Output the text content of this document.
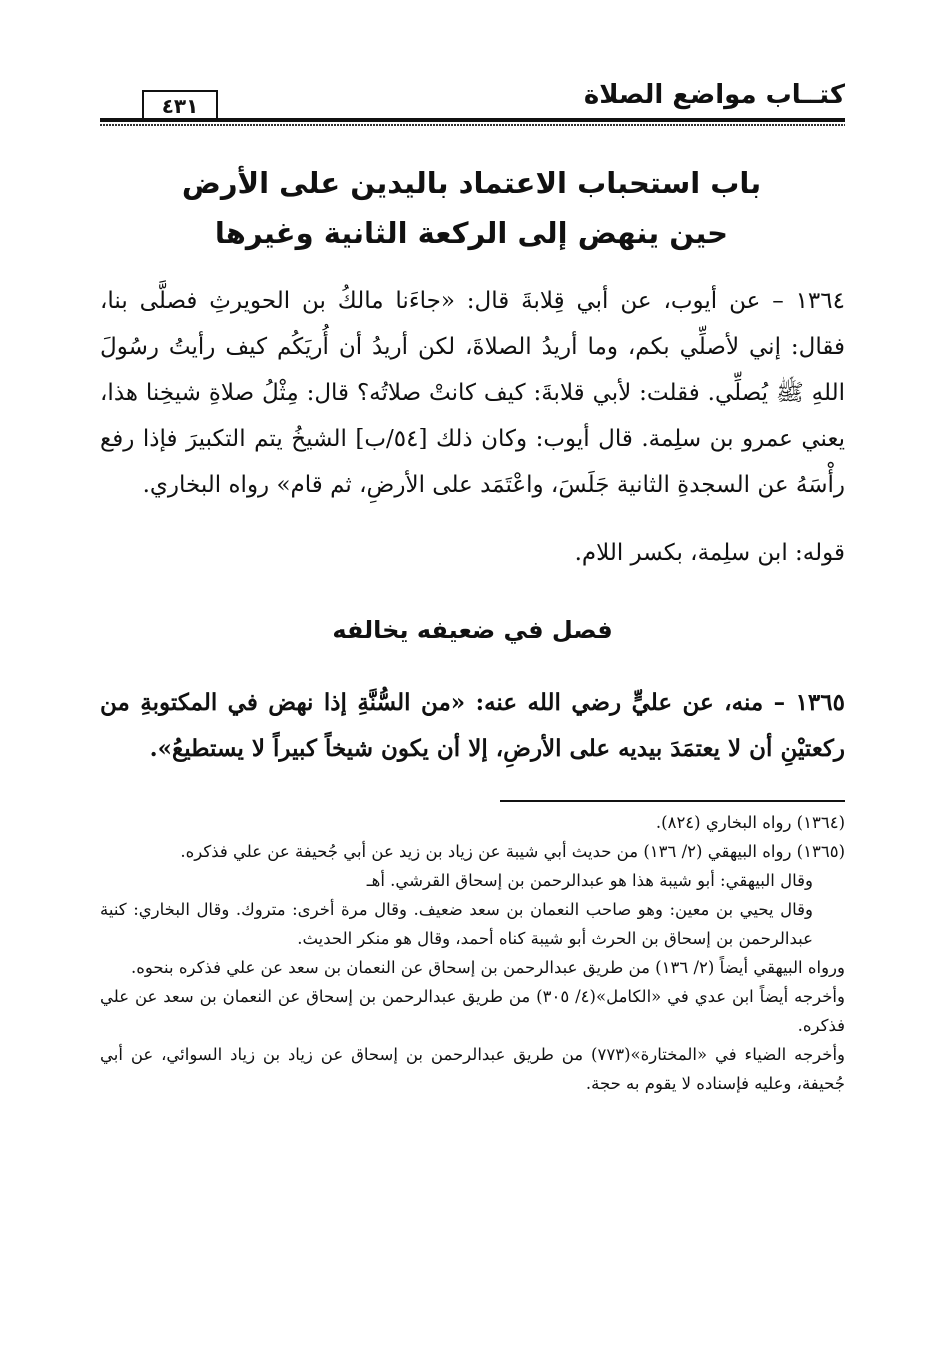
كتــاب مواضع الصلاة
٤٣١
باب استحباب الاعتماد باليدين على الأرض
حين ينهض إلى الركعة الثانية وغيرها
١٣٦٤ – عن أيوب، عن أبي قِلابةَ قال: «جاءَنا مالكُ بن الحويرثِ فصلَّى بنا، فقال: إني لأصلِّي بكم، وما أريدُ الصلاةَ، لكن أريدُ أن أُريَكُم كيف رأيتُ رسُولَ اللهِ ﷺ يُصلِّي. فقلت: لأبي قلابةَ: كيف كانتْ صلاتُه؟ قال: مِثْلُ صلاةِ شيخِنا هذا، يعني عمرو بن سلِمة. قال أيوب: وكان ذلك [٥٤/ب] الشيخُ يتم التكبيرَ فإذا رفع رأْسَهُ عن السجدةِ الثانية جَلَسَ، واعْتَمَد على الأرضِ، ثم قام» رواه البخاري.
قوله: ابن سلِمة، بكسر اللام.
فصل في ضعيفه يخالفه
١٣٦٥ – منه، عن عليٍّ رضي الله عنه: «من السُّنَّةِ إذا نهض في المكتوبةِ من ركعتيْنِ أن لا يعتمَدَ بيديه على الأرضِ، إلا أن يكون شيخاً كبيراً لا يستطيعُ».
(١٣٦٤) رواه البخاري (٨٢٤).
(١٣٦٥) رواه البيهقي (٢/ ١٣٦) من حديث أبي شيبة عن زياد بن زيد عن أبي جُحيفة عن علي فذكره.
وقال البيهقي: أبو شيبة هذا هو عبدالرحمن بن إسحاق القرشي. أهـ
وقال يحيي بن معين: وهو صاحب النعمان بن سعد ضعيف. وقال مرة أخرى: متروك. وقال البخاري: كنية عبدالرحمن بن إسحاق بن الحرث أبو شيبة كناه أحمد، وقال هو منكر الحديث.
ورواه البيهقي أيضاً (٢/ ١٣٦) من طريق عبدالرحمن بن إسحاق عن النعمان بن سعد عن علي فذكره بنحوه.
وأخرجه أيضاً ابن عدي في «الكامل»(٤/ ٣٠٥) من طريق عبدالرحمن بن إسحاق عن النعمان بن سعد عن علي فذكره.
وأخرجه الضياء في «المختارة»(٧٧٣) من طريق عبدالرحمن بن إسحاق عن زياد بن زياد السوائي، عن أبي جُحيفة، وعليه فإسناده لا يقوم به حجة.
